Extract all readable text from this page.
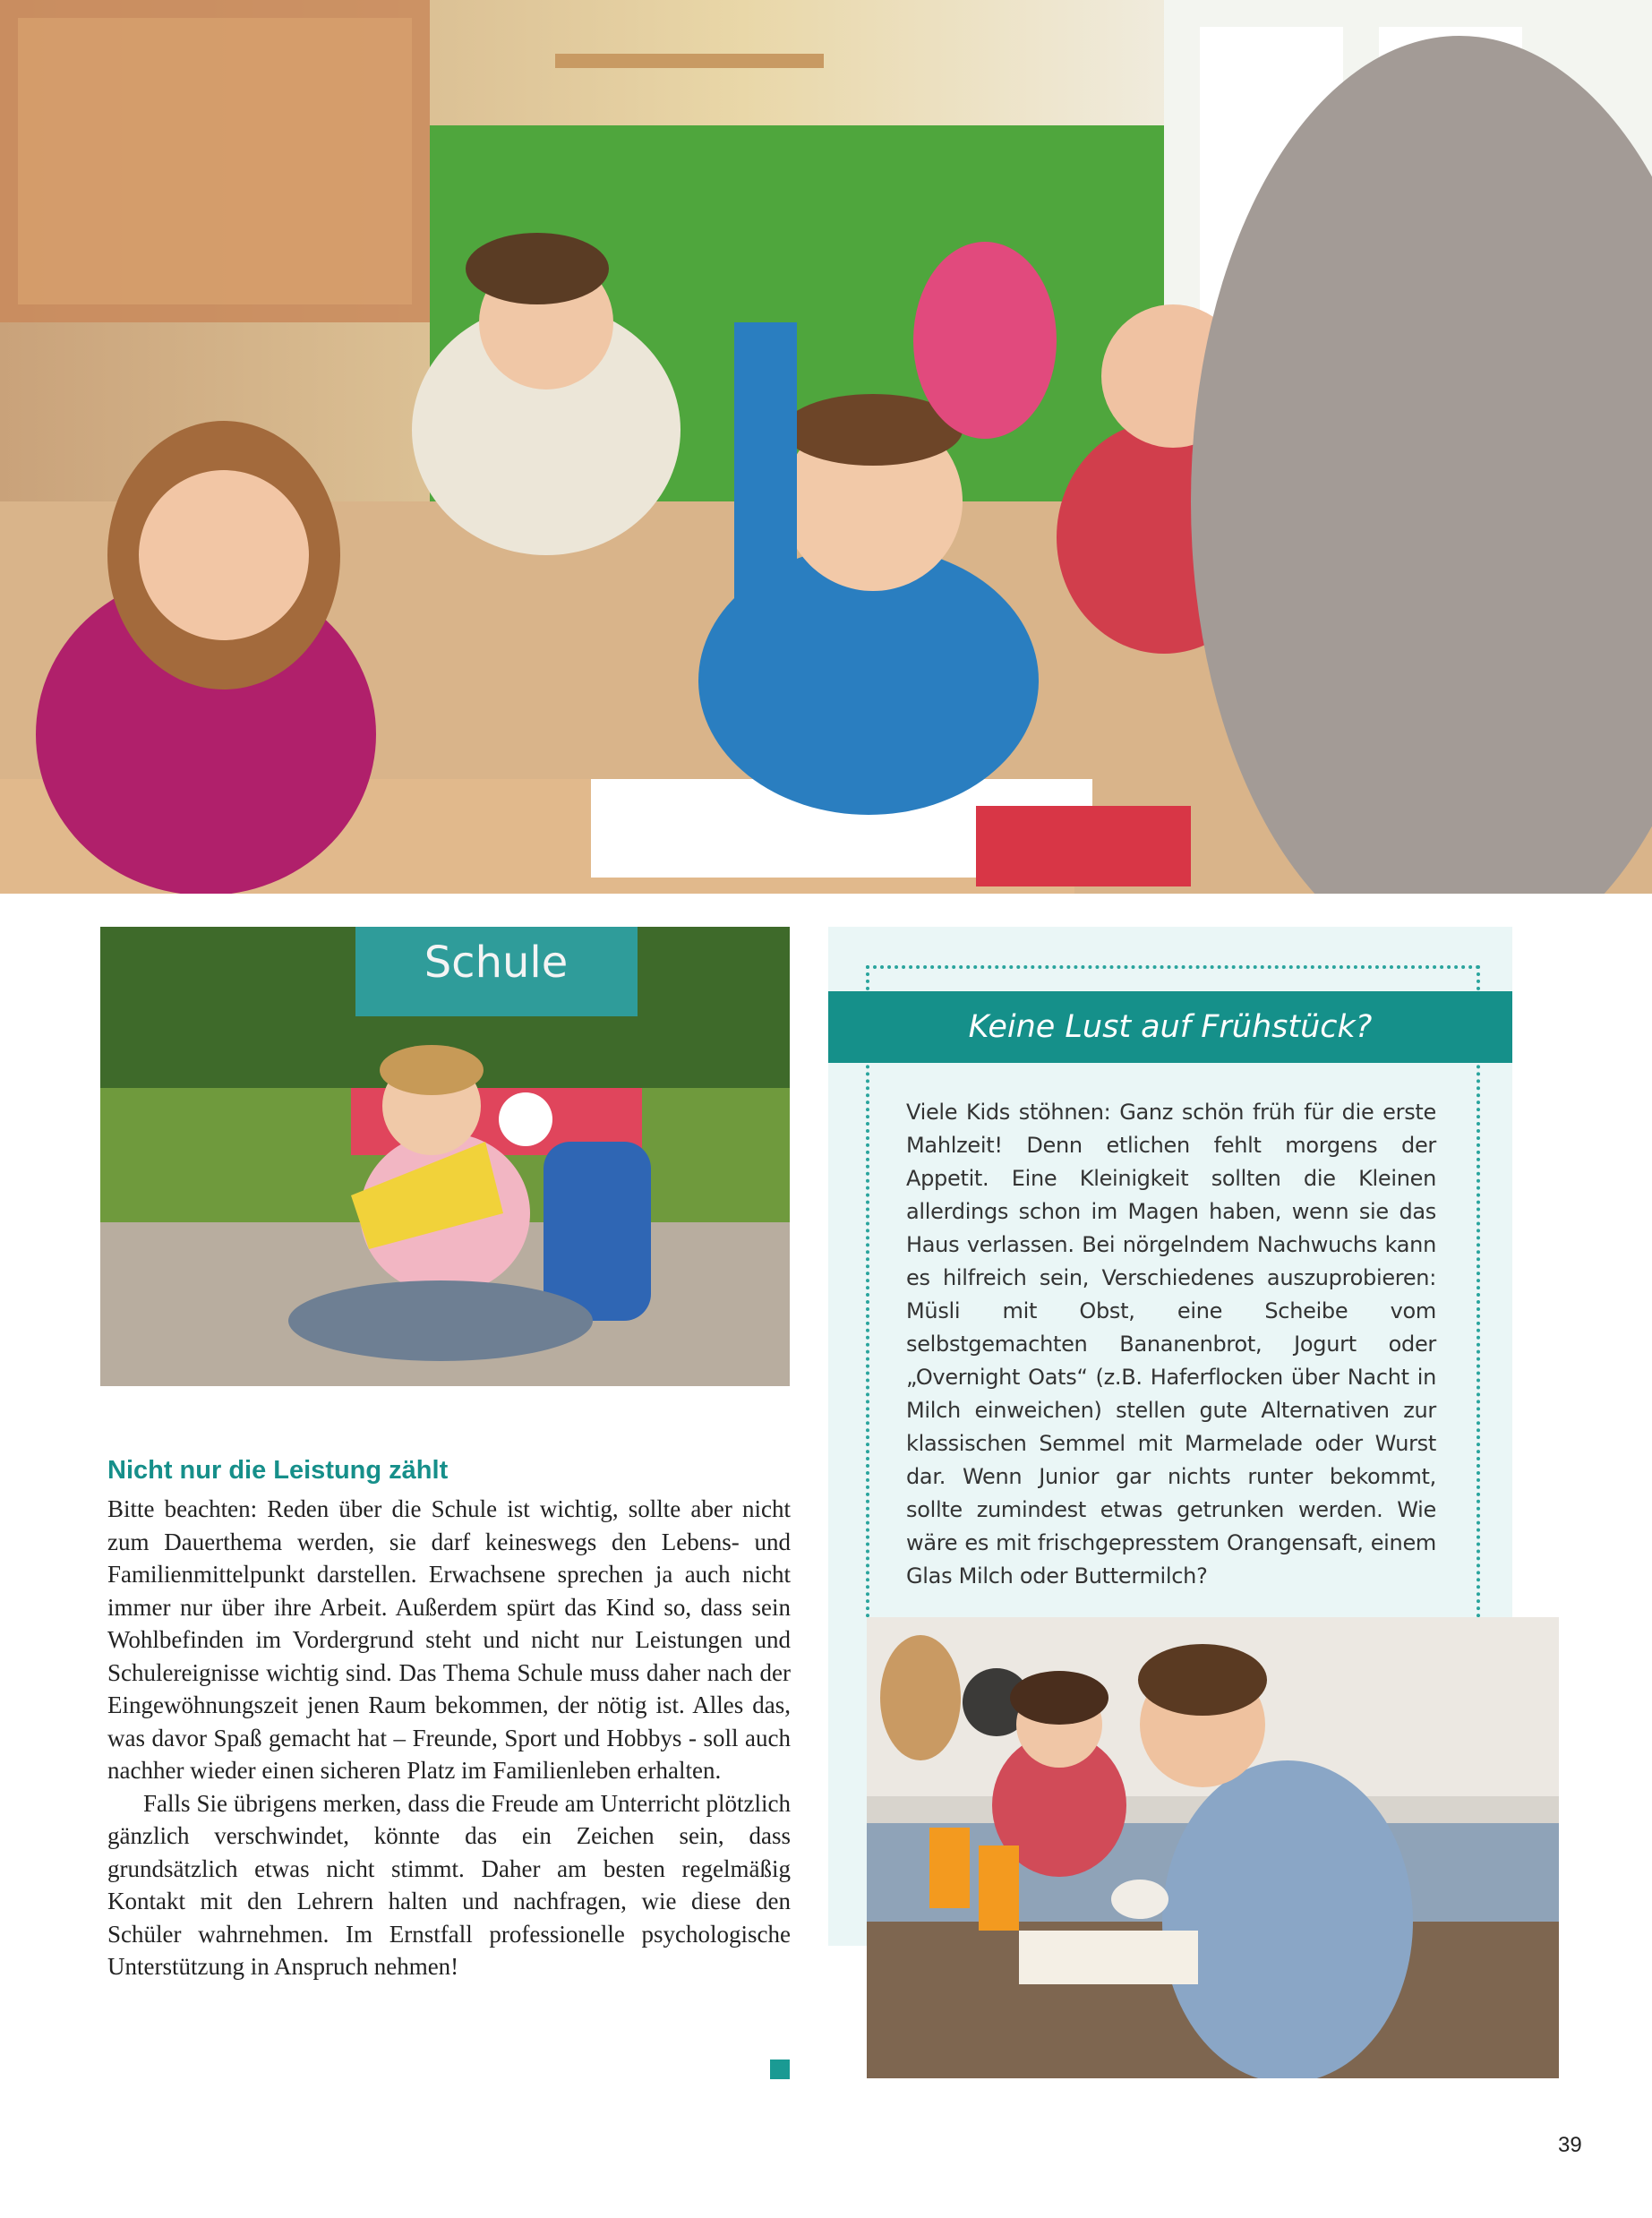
Schule
Nicht nur die Leistung zählt

Bitte beachten: Reden über die Schule ist wichtig, sollte aber nicht zum Dauerthema werden, sie darf keineswegs den Lebens- und Familienmittelpunkt darstellen. Erwachsene sprechen ja auch nicht immer nur über ihre Arbeit. Außerdem spürt das Kind so, dass sein Wohlbefinden im Vordergrund steht und nicht nur Leistungen und Schulereignisse wichtig sind. Das Thema Schule muss daher nach der Eingewöhnungszeit jenen Raum bekommen, der nötig ist. Alles das, was davor Spaß gemacht hat – Freunde, Sport und Hobbys - soll auch nachher wieder einen sicheren Platz im Familienleben erhalten.

Falls Sie übrigens merken, dass die Freude am Unterricht plötzlich gänzlich verschwindet, könnte das ein Zeichen sein, dass grundsätzlich etwas nicht stimmt. Daher am besten regelmäßig Kontakt mit den Lehrern halten und nachfragen, wie diese den Schüler wahrnehmen. Im Ernstfall professionelle psychologische Unterstützung in Anspruch nehmen!

Keine Lust auf Frühstück?

Viele Kids stöhnen: Ganz schön früh für die erste Mahlzeit! Denn etlichen fehlt morgens der Appetit. Eine Kleinigkeit sollten die Kleinen allerdings schon im Magen haben, wenn sie das Haus verlassen. Bei nörgelndem Nachwuchs kann es hilfreich sein, Verschiedenes auszuprobieren: Müsli mit Obst, eine Scheibe vom selbstgemachten Bananenbrot, Jogurt oder „Overnight Oats“ (z.B. Haferflocken über Nacht in Milch einweichen) stellen gute Alternativen zur klassischen Semmel mit Marmelade oder Wurst dar. Wenn Junior gar nichts runter bekommt, sollte zumindest etwas getrunken werden. Wie wäre es mit frischgepresstem Orangensaft, einem Glas Milch oder Buttermilch?

39
